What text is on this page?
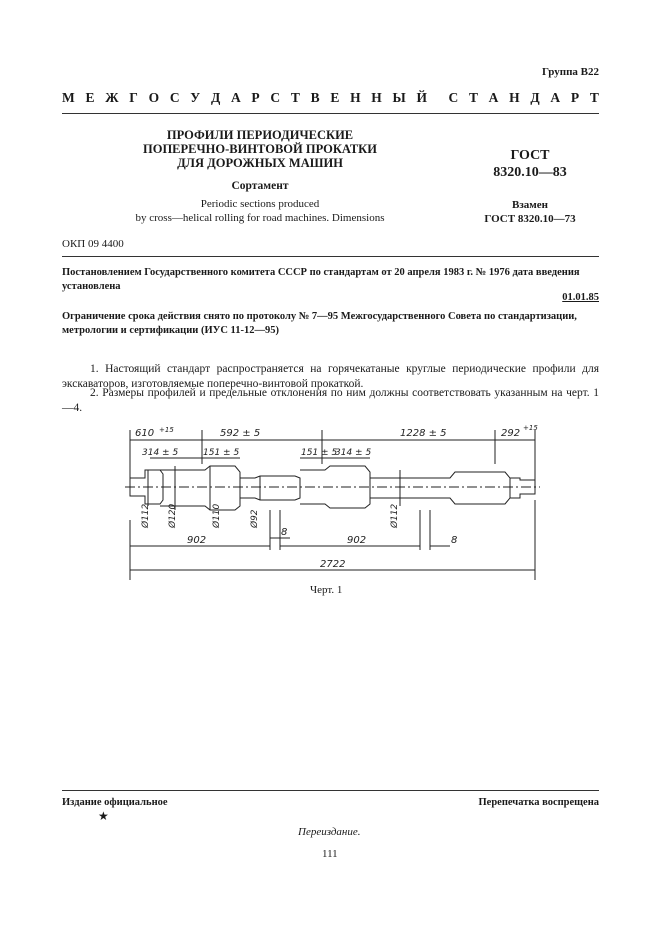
Группа В22
М Е Ж Г О С У Д А Р С Т В Е Н Н Ы Й С Т А Н Д А Р Т
ПРОФИЛИ ПЕРИОДИЧЕСКИЕ
ПОПЕРЕЧНО-ВИНТОВОЙ ПРОКАТКИ
ДЛЯ ДОРОЖНЫХ МАШИН
Сортамент
Periodic sections produced
by cross—helical rolling for road machines. Dimensions
ГОСТ
8320.10—83
Взамен
ГОСТ 8320.10—73
ОКП 09 4400
Постановлением Государственного комитета СССР по стандартам от 20 апреля 1983 г. № 1976 дата введения установлена
01.01.85
Ограничение срока действия снято по протоколу № 7—95 Межгосударственного Совета по стандартизации, метрологии и сертификации (ИУС 11-12—95)
1. Настоящий стандарт распространяется на горячекатаные круглые периодические профили для экскаваторов, изготовляемые поперечно-винтовой прокаткой.
2. Размеры профилей и предельные отклонения по ним должны соответствовать указанным на черт. 1—4.
610 +15	592 ± 5	1228 ± 5	292 +15
314 ± 5	151 ± 5	151 ± 5
314 ± 5
Ø112 Ø120	Ø110	Ø92	Ø112
902	902
8
8
2722
Черт. 1
Издание официальное	Перепечатка воспрещена
★
Переиздание.
111
